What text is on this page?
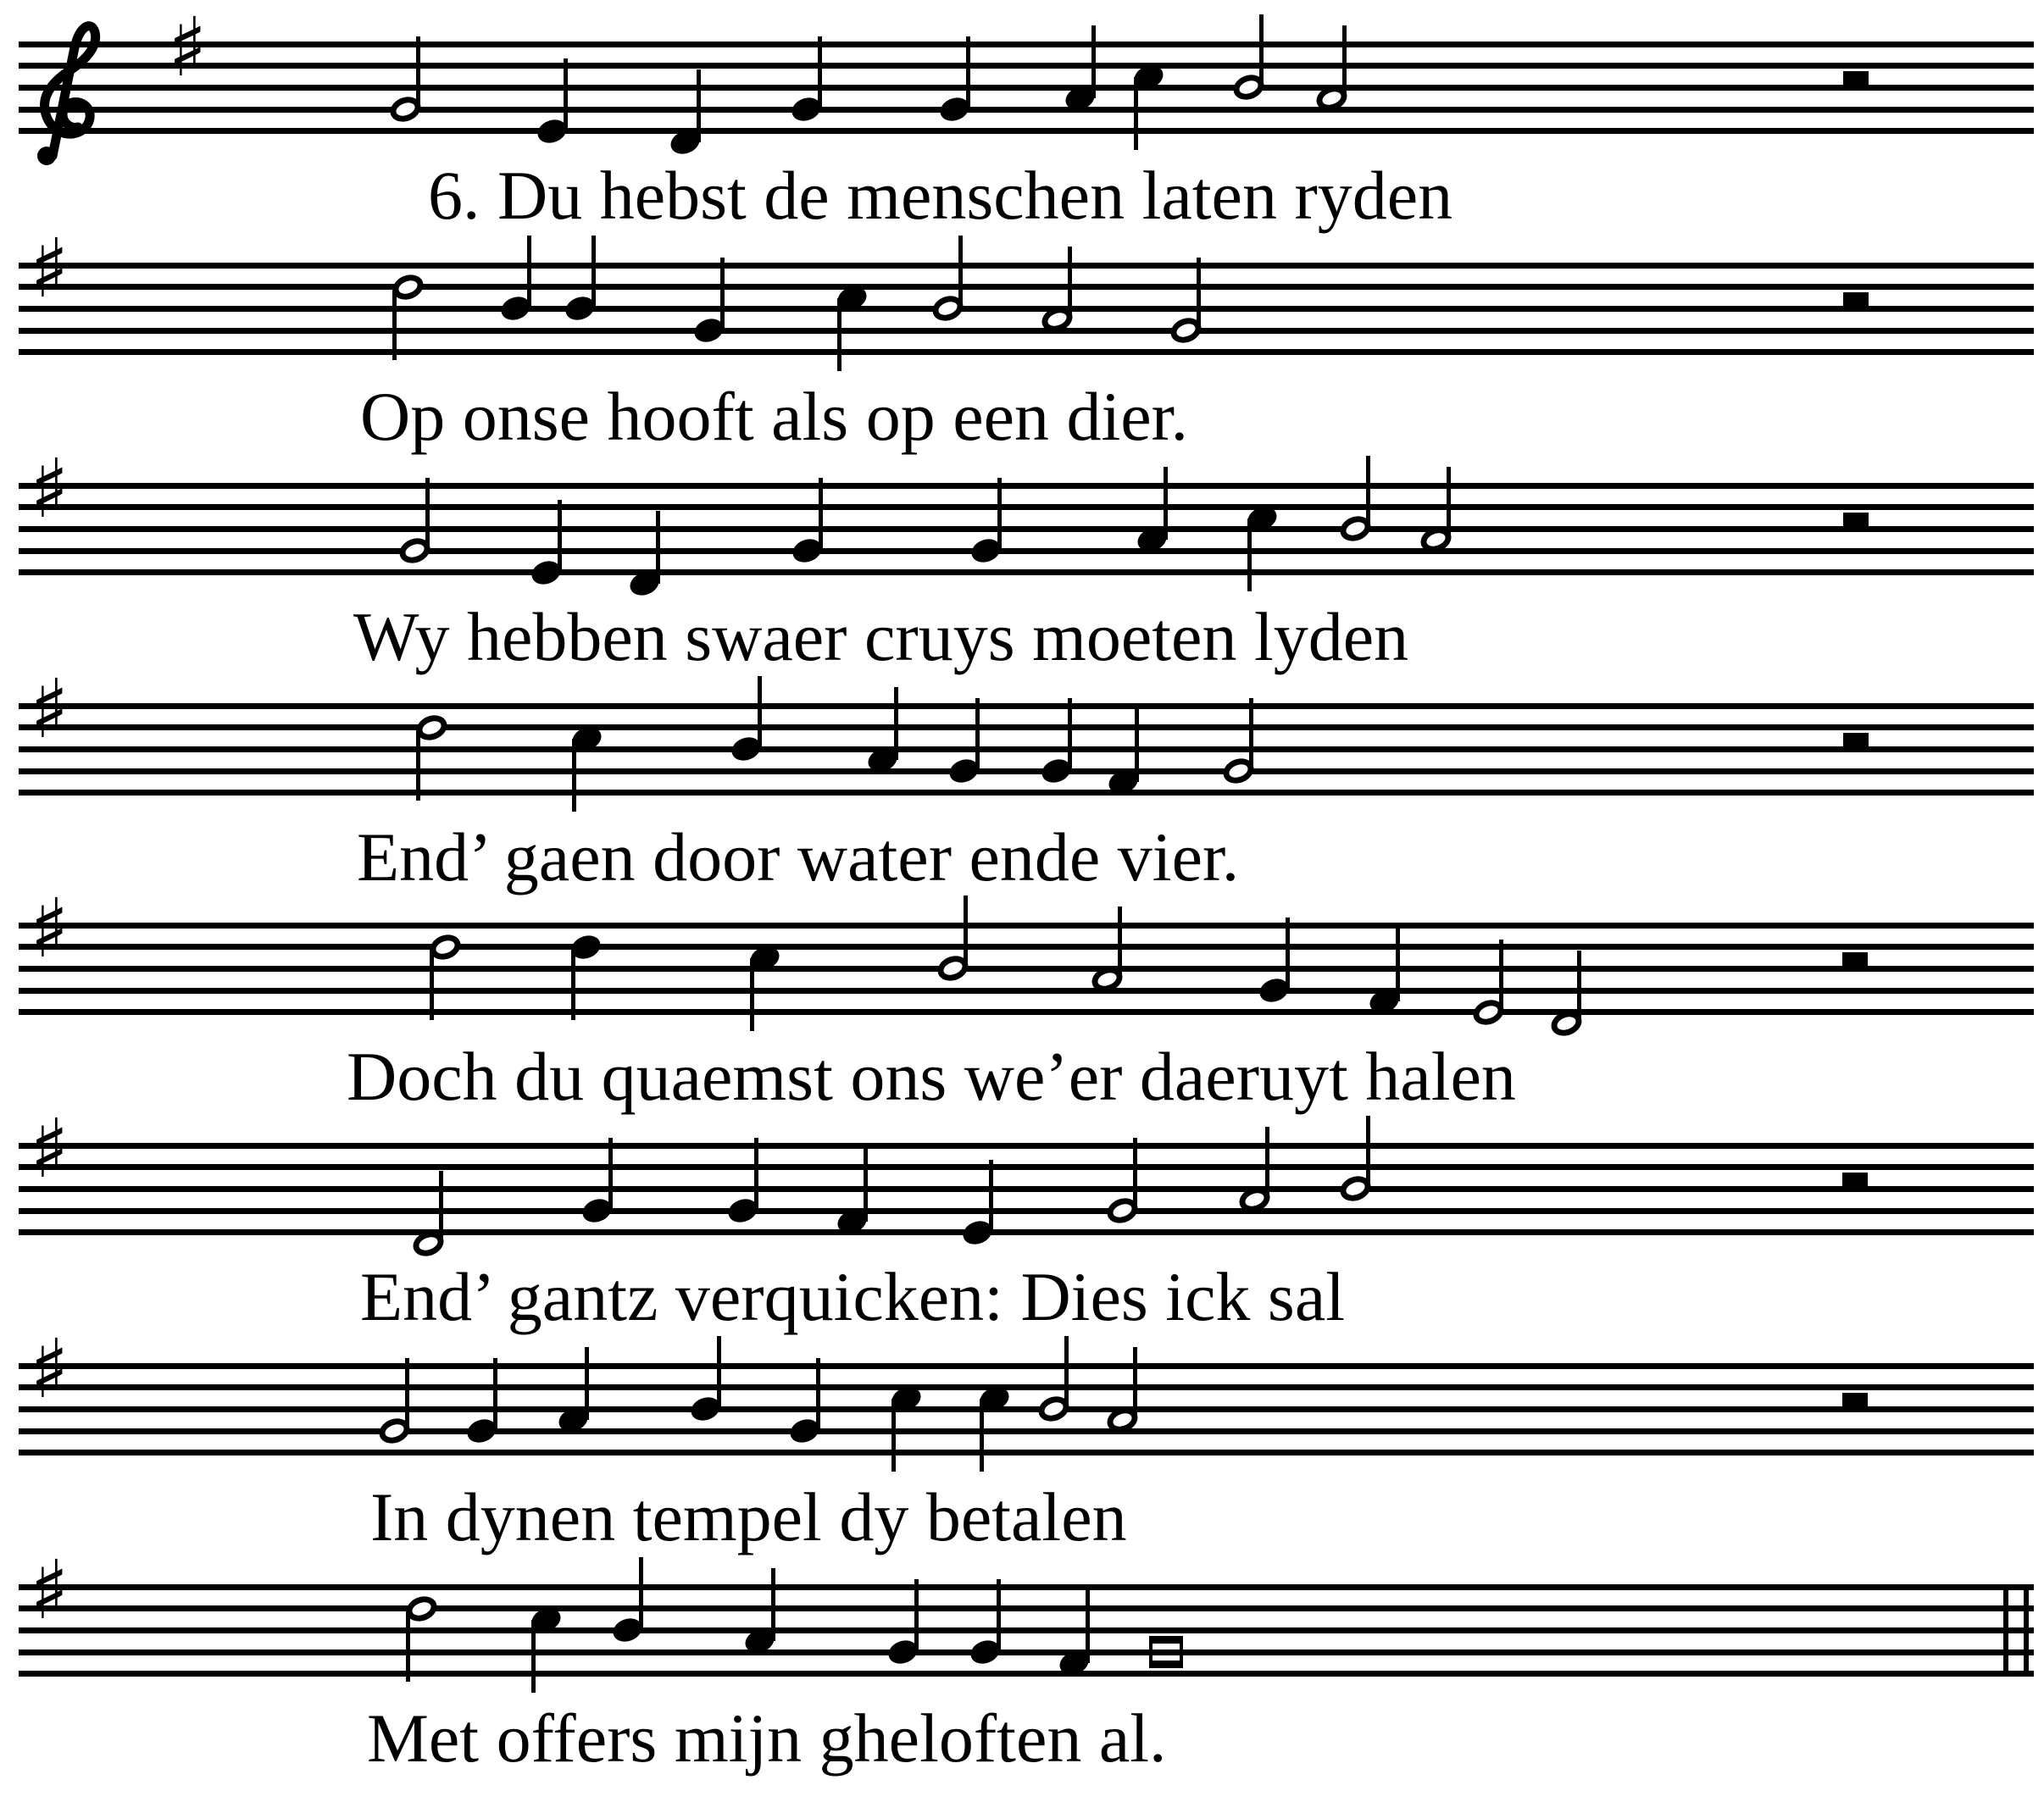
♯
6. Du hebst de menschen laten ryden
♯
Op onse hooft als op een dier.
♯
Wy hebben swaer cruys moeten lyden
♯
End’ gaen door water ende vier.
♯
Doch du quaemst ons we’er daeruyt halen
♯
End’ gantz verquicken: Dies ick sal
♯
In dynen tempel dy betalen
♯
Met offers mijn gheloften al.
